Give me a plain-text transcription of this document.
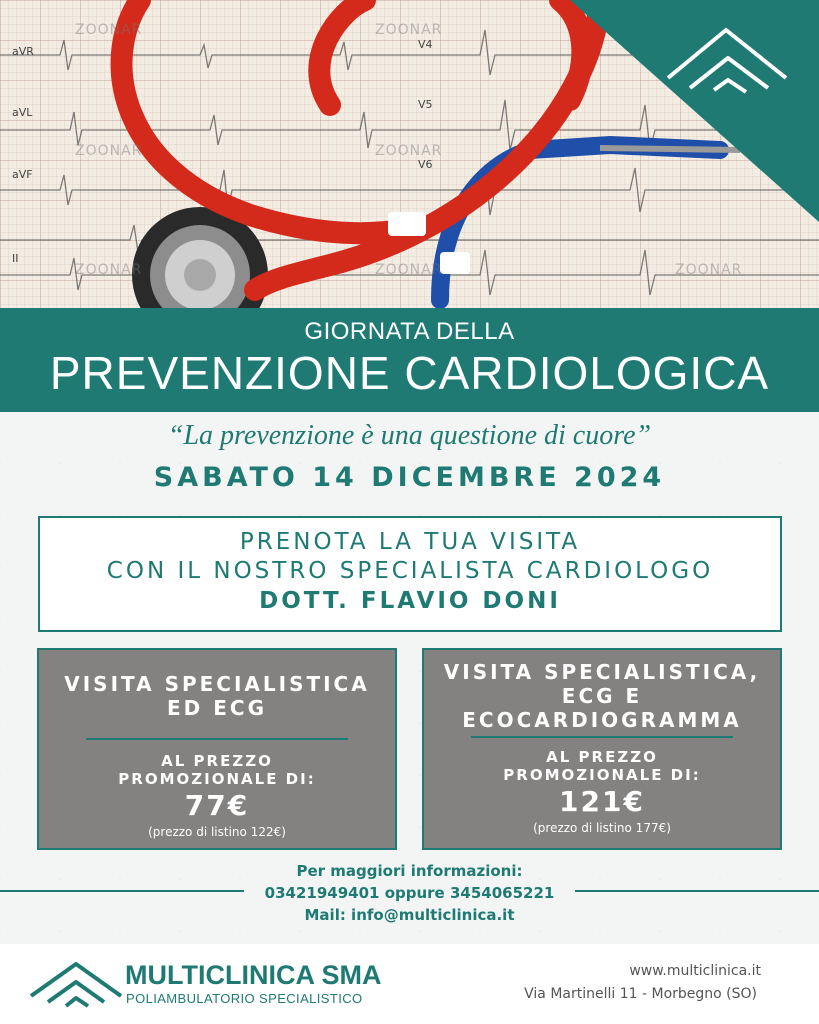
aVR
aVL
aVF
II
V4
V5
V6
ZOONAR	ZOONAR
ZOONAR	ZOONAR
ZOONAR	ZOONAR	ZOONAR
GIORNATA DELLA
PREVENZIONE CARDIOLOGICA
“La prevenzione è una questione di cuore”
SABATO 14 DICEMBRE 2024
PRENOTA LA TUA VISITA
CON IL NOSTRO SPECIALISTA CARDIOLOGO
DOTT. FLAVIO DONI
VISITA SPECIALISTICA
ED ECG
AL PREZZO
PROMOZIONALE DI:
77€
(prezzo di listino 122€)
VISITA SPECIALISTICA,
ECG E
ECOCARDIOGRAMMA
AL PREZZO
PROMOZIONALE DI:
121€
(prezzo di listino 177€)
Per maggiori informazioni:
03421949401 oppure 3454065221
Mail: info@multiclinica.it
MULTICLINICA SMA
POLIAMBULATORIO SPECIALISTICO
www.multiclinica.it
Via Martinelli 11 - Morbegno (SO)
